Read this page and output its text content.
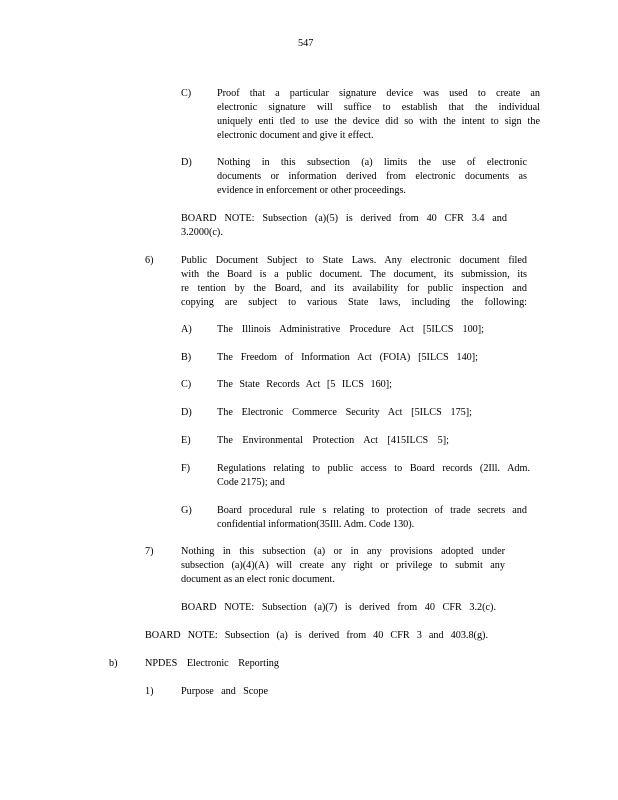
547
C)	Proof that a particular signature device was used to create an
electronic signature will suffice to establish that the individual
uniquely enti tled to use the device did so with the intent to sign the
electronic document and give it effect.
D) Nothing in this subsection (a) limits the use of electronic
documents or information derived from electronic documents as
evidence in enforcement or other proceedings.
BOARD NOTE: Subsection (a)(5) is derived from 40 CFR 3.4 and
3.2000(c).
6)	Public Document Subject to State Laws. Any electronic document filed
with the Board is a public document. The document, its submission, its
re tention by the Board, and its availability for public inspection and
copying are subject to various State laws, including the following:
A) The Illinois Administrative Procedure Act [5ILCS 100];
B)	The Freedom of Information Act (FOIA) [5ILCS 140];
C)	The State Records Act [5 ILCS 160];
D) The Electronic Commerce Security Act [5ILCS 175];
E)	The Environmental Protection Act [415ILCS 5];
F)	Regulations relating to public access to Board records (2Ill. Adm.
Code 2175); and
G) Board procedural rule s relating to protection of trade secrets and
confidential information(35Ill. Adm. Code 130).
7)	Nothing in this subsection (a) or in any provisions adopted under
subsection (a)(4)(A) will create any right or privilege to submit any
document as an elect ronic document.
BOARD NOTE: Subsection (a)(7) is derived from 40 CFR 3.2(c).
BOARD NOTE: Subsection (a) is derived from 40 CFR 3 and 403.8(g).
b)	NPDES Electronic Reporting
1)	Purpose and Scope
